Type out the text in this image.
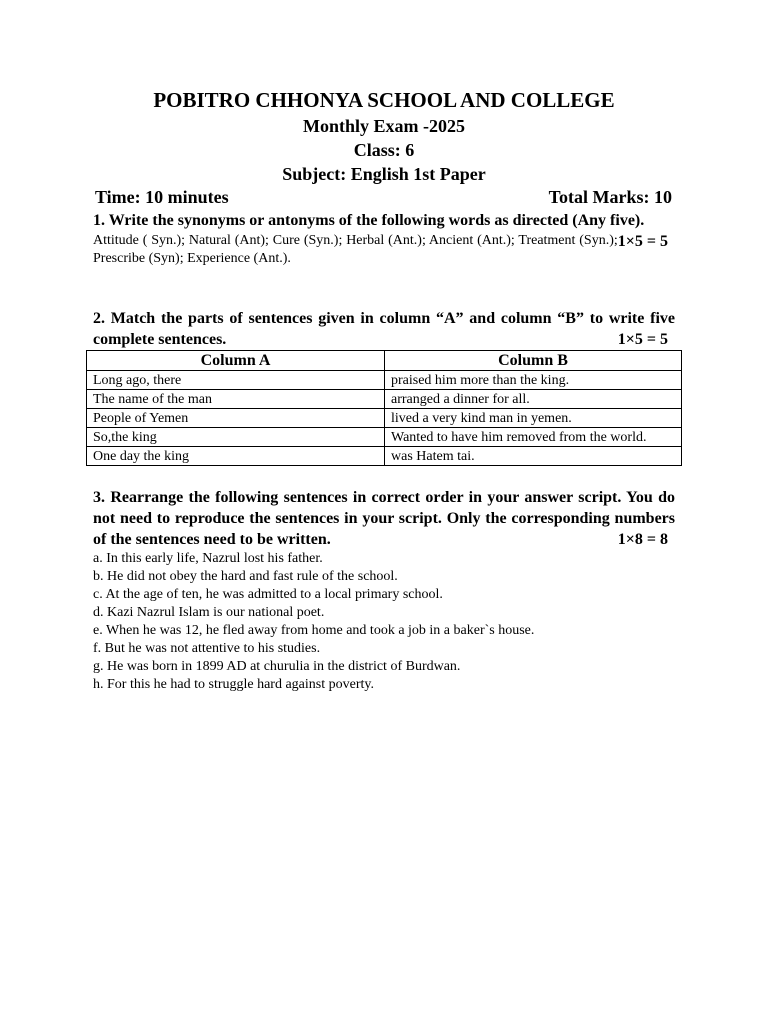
POBITRO CHHONYA SCHOOL AND COLLEGE
Monthly Exam -2025
Class: 6
Subject: English 1st Paper
Time: 10 minutes	Total Marks: 10
1. Write the synonyms or antonyms of the following words as directed (Any five).
1×5 = 5
Attitude ( Syn.); Natural (Ant); Cure (Syn.); Herbal (Ant.); Ancient (Ant.); Treatment (Syn.); Prescribe (Syn); Experience (Ant.).
2. Match the parts of sentences given in column “A” and column “B” to write five complete sentences.	1×5 = 5
Column A	Column B
Long ago, there	praised him more than the king.
The name of the man	arranged a dinner for all.
People of Yemen	lived a very kind man in yemen.
So,the king	Wanted to have him removed from the world.
One day the king	was Hatem tai.
3. Rearrange the following sentences in correct order in your answer script. You do not need to reproduce the sentences in your script. Only the corresponding numbers of the sentences need to be written.	1×8 = 8
a. In this early life, Nazrul lost his father.
b. He did not obey the hard and fast rule of the school.
c. At the age of ten, he was admitted to a local primary school.
d. Kazi Nazrul Islam is our national poet.
e. When he was 12, he fled away from home and took a job in a baker`s house.
f. But he was not attentive to his studies.
g. He was born in 1899 AD at churulia in the district of Burdwan.
h. For this he had to struggle hard against poverty.
